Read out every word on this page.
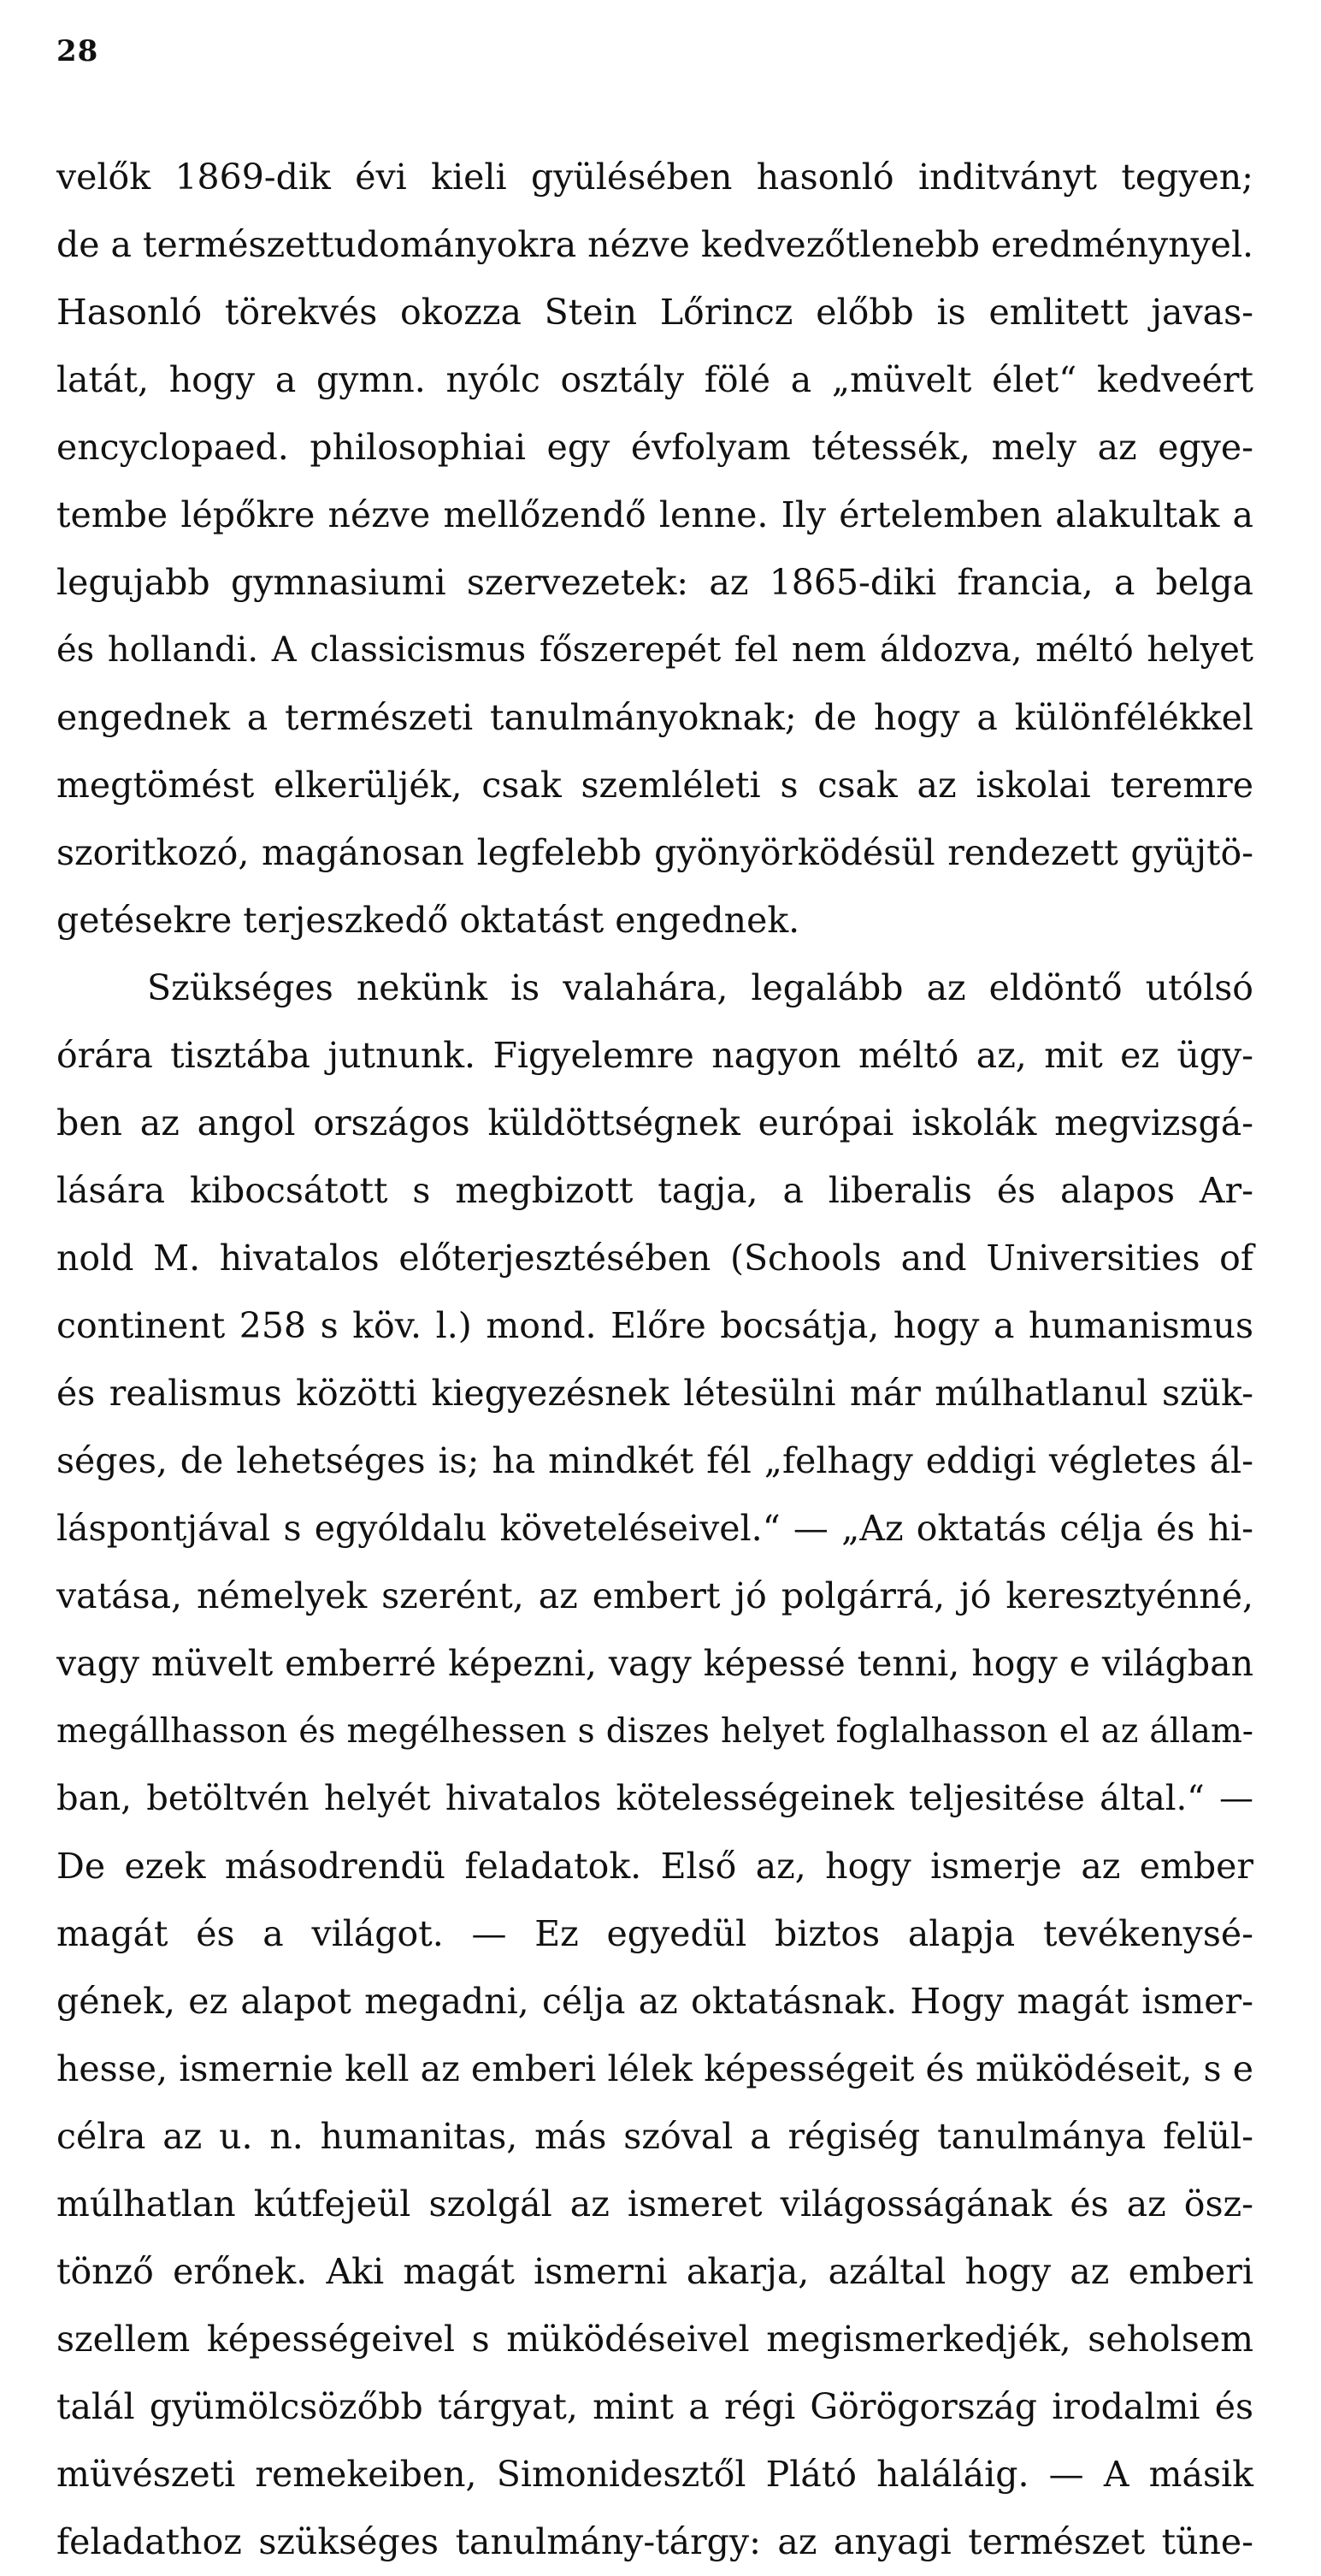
28
velők 1869-dik évi kieli gyülésében hasonló inditványt tegyen;
de a természettudományokra nézve kedvezőtlenebb eredménynyel.
Hasonló törekvés okozza Stein Lőrincz előbb is emlitett javas-
latát, hogy a gymn. nyólc osztály fölé a „müvelt élet“ kedveért
encyclopaed. philosophiai egy évfolyam tétessék, mely az egye-
tembe lépőkre nézve mellőzendő lenne. Ily értelemben alakultak a
legujabb gymnasiumi szervezetek: az 1865-diki francia, a belga
és hollandi. A classicismus főszerepét fel nem áldozva, méltó helyet
engednek a természeti tanulmányoknak; de hogy a különfélékkel
megtömést elkerüljék, csak szemléleti s csak az iskolai teremre
szoritkozó, magánosan legfelebb gyönyörködésül rendezett gyüjtö-
getésekre terjeszkedő oktatást engednek.
Szükséges nekünk is valahára, legalább az eldöntő utólsó
órára tisztába jutnunk. Figyelemre nagyon méltó az, mit ez ügy-
ben az angol országos küldöttségnek európai iskolák megvizsgá-
lására kibocsátott s megbizott tagja, a liberalis és alapos Ar-
nold M. hivatalos előterjesztésében (Schools and Universities of
continent 258 s köv. l.) mond. Előre bocsátja, hogy a humanismus
és realismus közötti kiegyezésnek létesülni már múlhatlanul szük-
séges, de lehetséges is; ha mindkét fél „felhagy eddigi végletes ál-
láspontjával s egyóldalu követeléseivel.“ — „Az oktatás célja és hi-
vatása, némelyek szerént, az embert jó polgárrá, jó keresztyénné,
vagy müvelt emberré képezni, vagy képessé tenni, hogy e világban
megállhasson és megélhessen s diszes helyet foglalhasson el az állam-
ban, betöltvén helyét hivatalos kötelességeinek teljesitése által.“ —
De ezek másodrendü feladatok. Első az, hogy ismerje az ember
magát és a világot. — Ez egyedül biztos alapja tevékenysé-
gének, ez alapot megadni, célja az oktatásnak. Hogy magát ismer-
hesse, ismernie kell az emberi lélek képességeit és müködéseit, s e
célra az u. n. humanitas, más szóval a régiség tanulmánya felül-
múlhatlan kútfejeül szolgál az ismeret világosságának és az ösz-
tönző erőnek. Aki magát ismerni akarja, azáltal hogy az emberi
szellem képességeivel s müködéseivel megismerkedjék, seholsem
talál gyümölcsözőbb tárgyat, mint a régi Görögország irodalmi és
müvészeti remekeiben, Simonidesztől Plátó haláláig. — A másik
feladathoz szükséges tanulmány-tárgy: az anyagi természet tüne-
